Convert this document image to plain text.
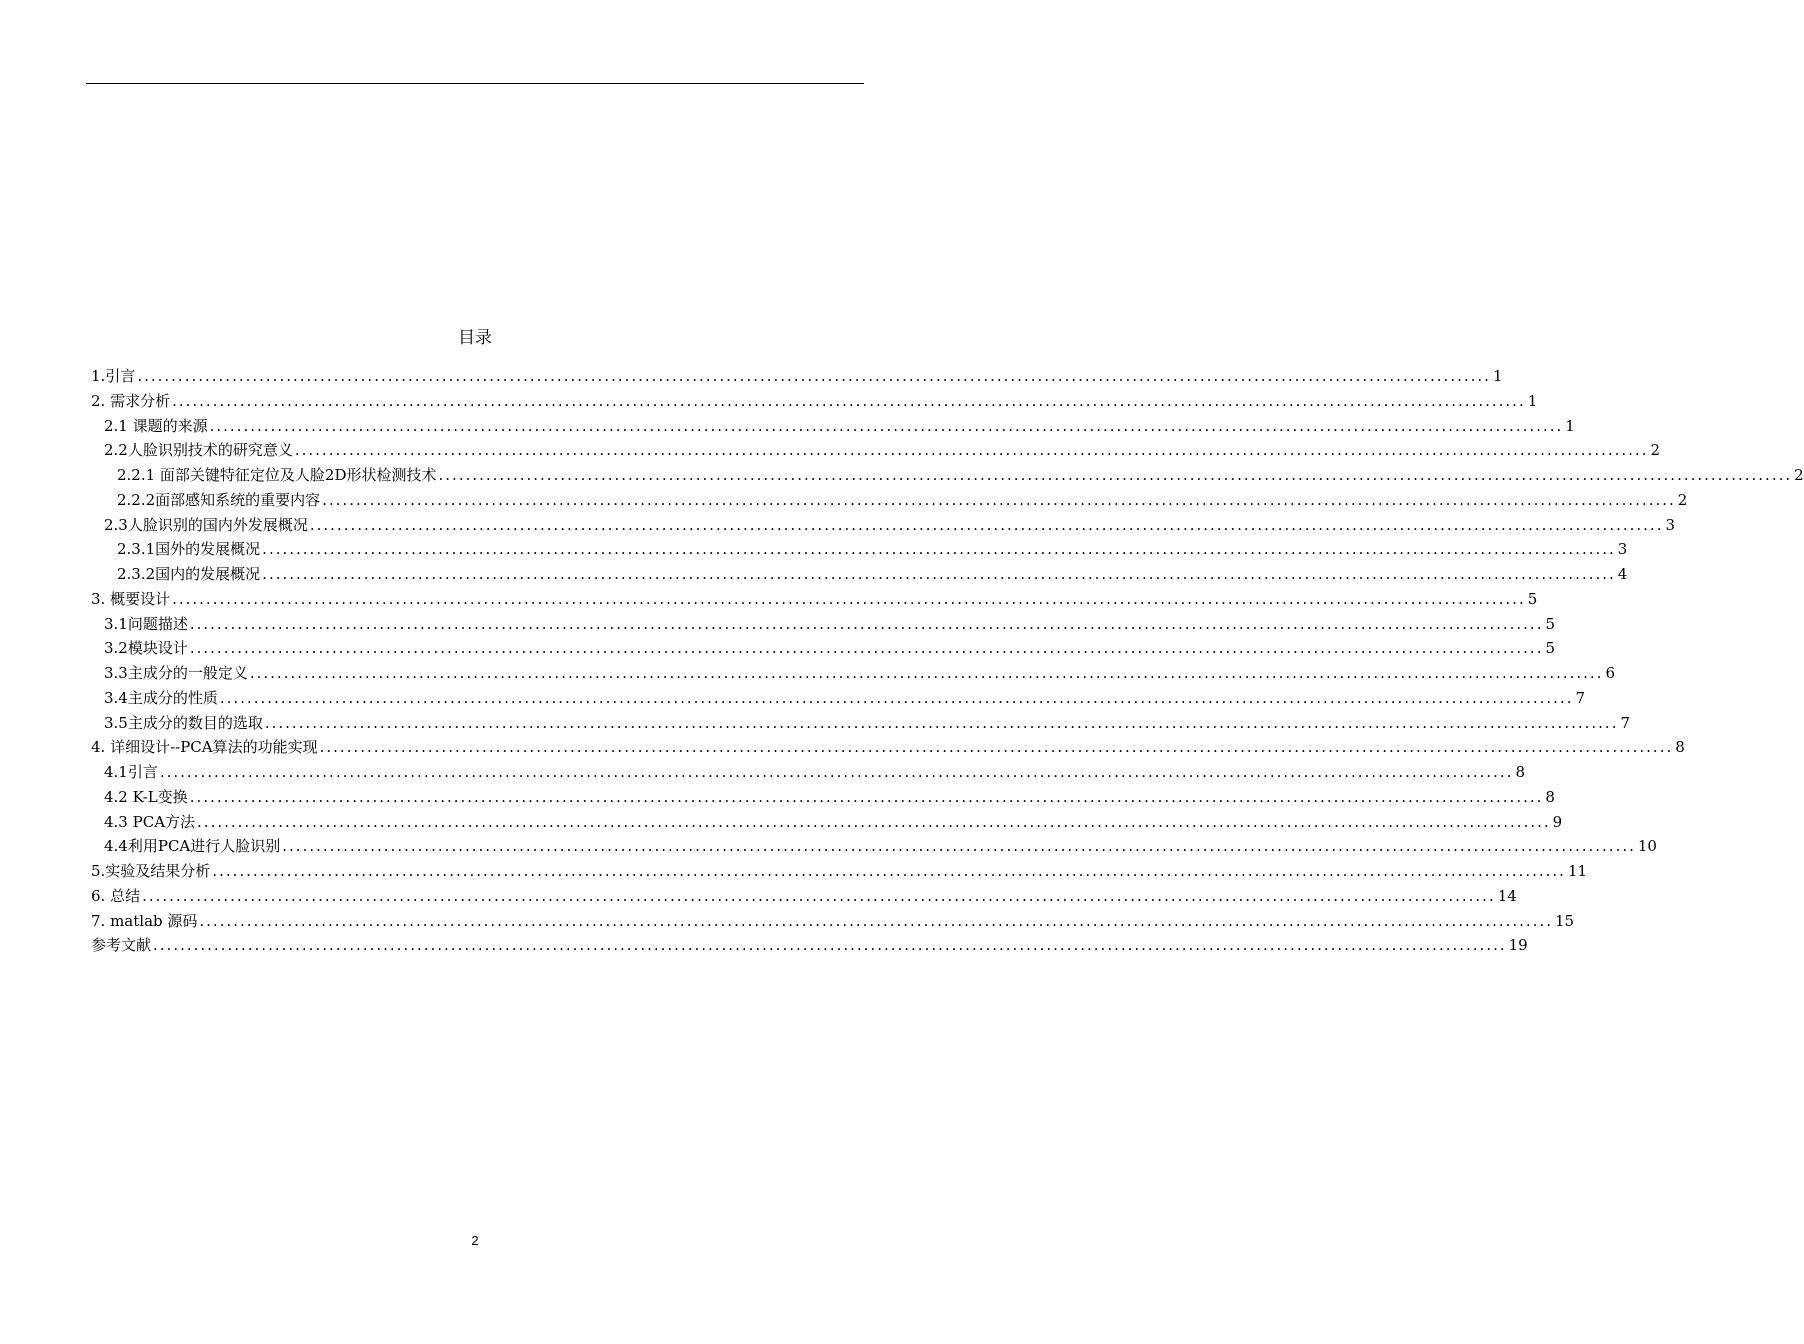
目录
1.引言 ........................................................................................................................................................................................................ 1
2. 需求分析 ........................................................................................................................................................................................................ 1
2.1 课题的来源 ........................................................................................................................................................................................................ 1
2.2人脸识别技术的研究意义 ........................................................................................................................................................................................................ 2
2.2.1 面部关键特征定位及人脸2D形状检测技术 ........................................................................................................................................................................................................ 2
2.2.2面部感知系统的重要内容 ........................................................................................................................................................................................................ 2
2.3人脸识别的国内外发展概况 ........................................................................................................................................................................................................ 3
2.3.1国外的发展概况 ........................................................................................................................................................................................................ 3
2.3.2国内的发展概况 ........................................................................................................................................................................................................ 4
3. 概要设计 ........................................................................................................................................................................................................ 5
3.1问题描述 ........................................................................................................................................................................................................ 5
3.2模块设计 ........................................................................................................................................................................................................ 5
3.3主成分的一般定义 ........................................................................................................................................................................................................ 6
3.4主成分的性质 ........................................................................................................................................................................................................ 7
3.5主成分的数目的选取 ........................................................................................................................................................................................................ 7
4. 详细设计--PCA算法的功能实现 ........................................................................................................................................................................................................ 8
4.1引言 ........................................................................................................................................................................................................ 8
4.2 K-L变换 ........................................................................................................................................................................................................ 8
4.3 PCA方法 ........................................................................................................................................................................................................ 9
4.4利用PCA进行人脸识别 ........................................................................................................................................................................................................ 10
5.实验及结果分析 ........................................................................................................................................................................................................ 11
6. 总结 ........................................................................................................................................................................................................ 14
7. matlab 源码 ........................................................................................................................................................................................................ 15
参考文献 ........................................................................................................................................................................................................ 19
2
